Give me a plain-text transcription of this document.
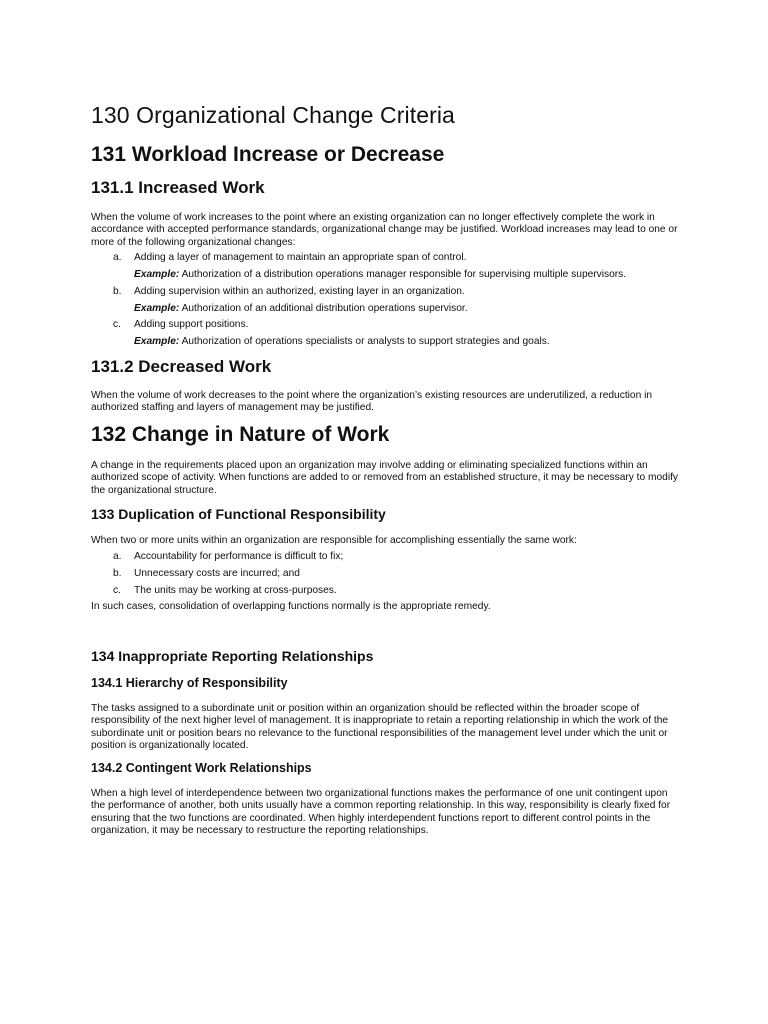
130 Organizational Change Criteria
131 Workload Increase or Decrease
131.1 Increased Work

When the volume of work increases to the point where an existing organization can no longer effectively complete the work in accordance with accepted performance standards, organizational change may be justified. Workload increases may lead to one or more of the following organizational changes:

a. Adding a layer of management to maintain an appropriate span of control.
Example: Authorization of a distribution operations manager responsible for supervising multiple supervisors.
b. Adding supervision within an authorized, existing layer in an organization.
Example: Authorization of an additional distribution operations supervisor.
c. Adding support positions.
Example: Authorization of operations specialists or analysts to support strategies and goals.
131.2 Decreased Work

When the volume of work decreases to the point where the organization’s existing resources are underutilized, a reduction in authorized staffing and layers of management may be justified.

132 Change in Nature of Work

A change in the requirements placed upon an organization may involve adding or eliminating specialized functions within an authorized scope of activity. When functions are added to or removed from an established structure, it may be necessary to modify the organizational structure.

133 Duplication of Functional Responsibility

When two or more units within an organization are responsible for accomplishing essentially the same work:

a. Accountability for performance is difficult to fix;
b. Unnecessary costs are incurred; and
c. The units may be working at cross-purposes.

In such cases, consolidation of overlapping functions normally is the appropriate remedy.

134 Inappropriate Reporting Relationships
134.1 Hierarchy of Responsibility

The tasks assigned to a subordinate unit or position within an organization should be reflected within the broader scope of responsibility of the next higher level of management. It is inappropriate to retain a reporting relationship in which the work of the subordinate unit or position bears no relevance to the functional responsibilities of the management level under which the unit or position is organizationally located.

134.2 Contingent Work Relationships

When a high level of interdependence between two organizational functions makes the performance of one unit contingent upon the performance of another, both units usually have a common reporting relationship. In this way, responsibility is clearly fixed for ensuring that the two functions are coordinated. When highly interdependent functions report to different control points in the organization, it may be necessary to restructure the reporting relationships.
